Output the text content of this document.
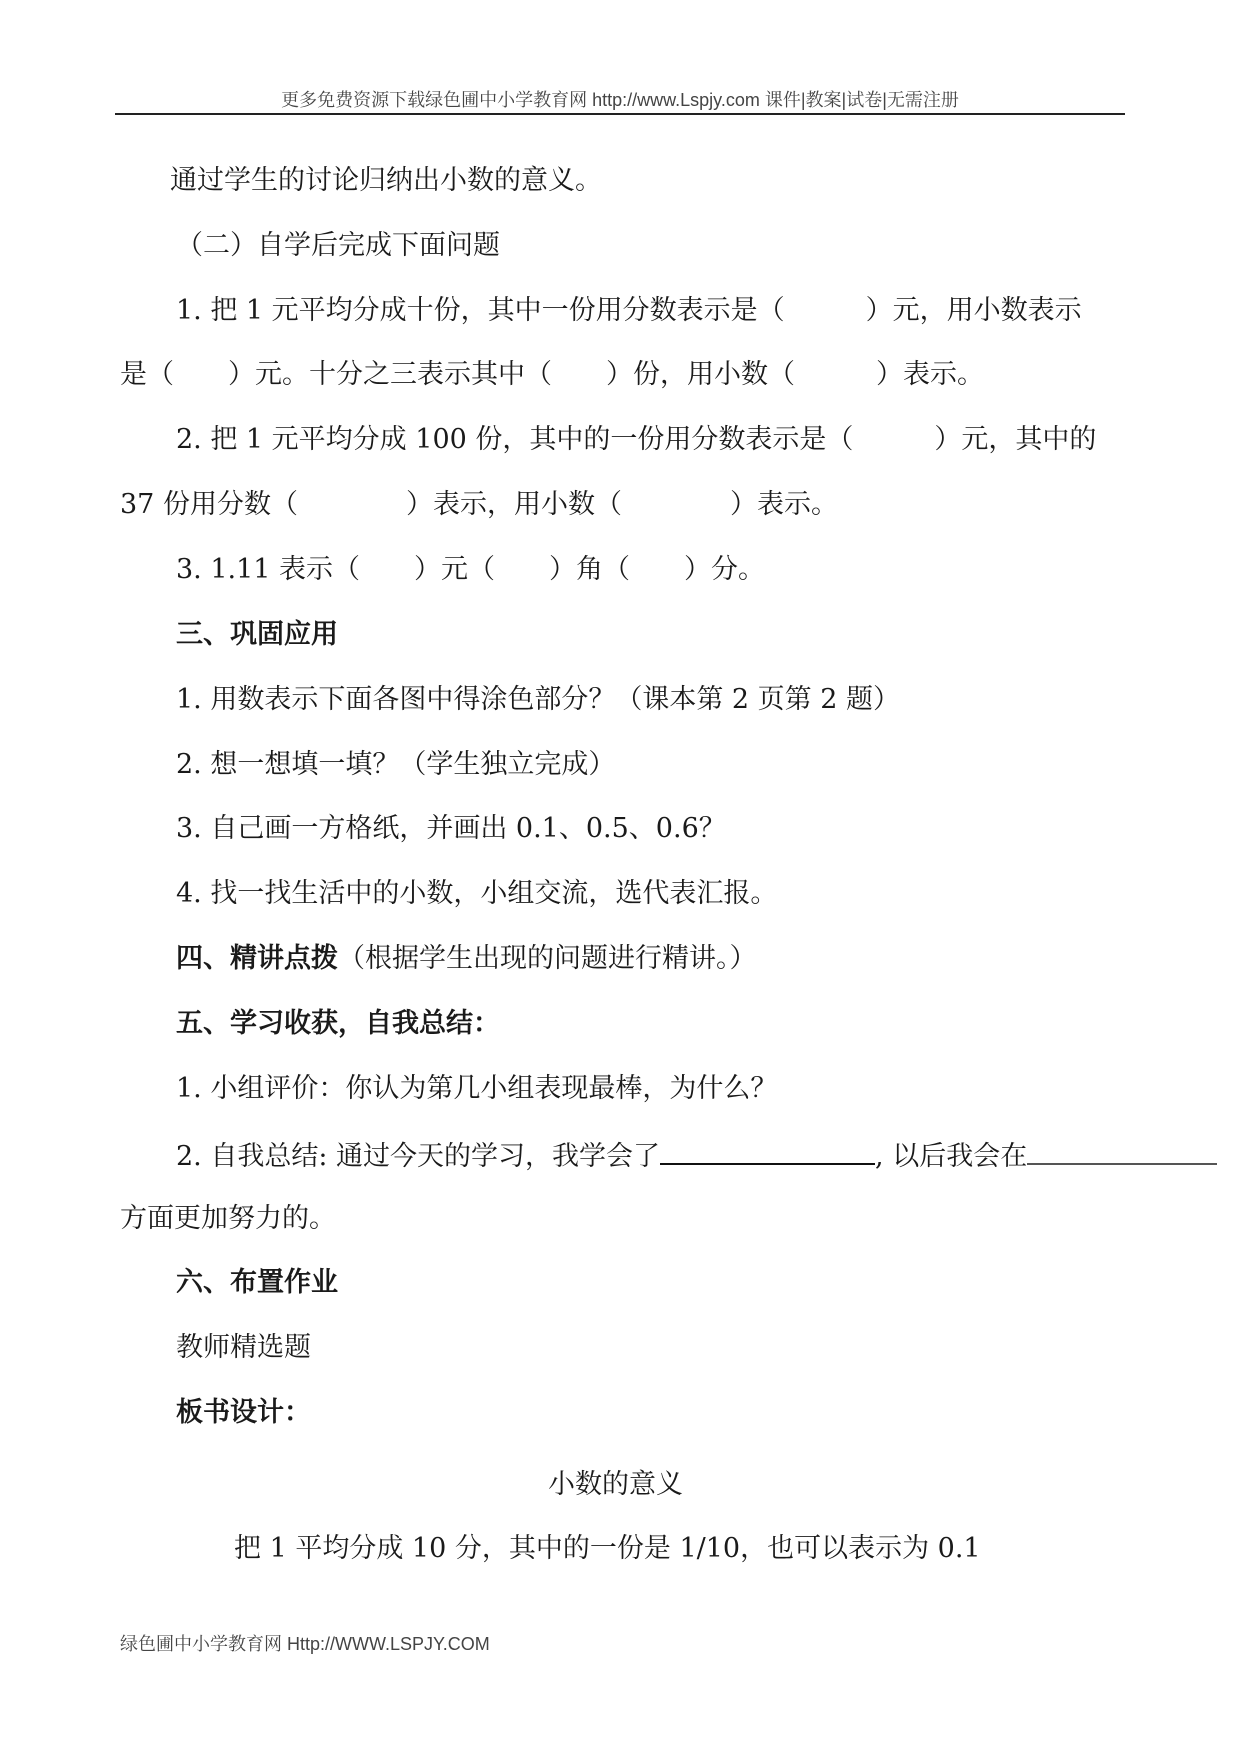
更多免费资源下载绿色圃中小学教育网 http://www.Lspjy.com 课件|教案|试卷|无需注册
通过学生的讨论归纳出小数的意义。
（二）自学后完成下面问题
1. 把 1 元平均分成十份，其中一份用分数表示是（　　　）元，用小数表示
是（　　）元。十分之三表示其中（　　）份，用小数（　　　）表示。
2. 把 1 元平均分成 100 份，其中的一份用分数表示是（　　　）元，其中的
37 份用分数（　　　　）表示，用小数（　　　　）表示。
3. 1.11 表示（　　）元（　　）角（　　）分。
三、巩固应用
1. 用数表示下面各图中得涂色部分？（课本第 2 页第 2 题）
2. 想一想填一填？（学生独立完成）
3. 自己画一方格纸，并画出 0.1、0.5、0.6？
4. 找一找生活中的小数，小组交流，选代表汇报。
四、精讲点拨（根据学生出现的问题进行精讲。）
五、学习收获，自我总结：
1. 小组评价：你认为第几小组表现最棒，为什么？
2. 自我总结: 通过今天的学习，我学会了	, 以后我会在
方面更加努力的。
六、布置作业
教师精选题
板书设计：
小数的意义
把 1 平均分成 10 分，其中的一份是 1/10，也可以表示为 0.1
绿色圃中小学教育网 Http://WWW.LSPJY.COM
